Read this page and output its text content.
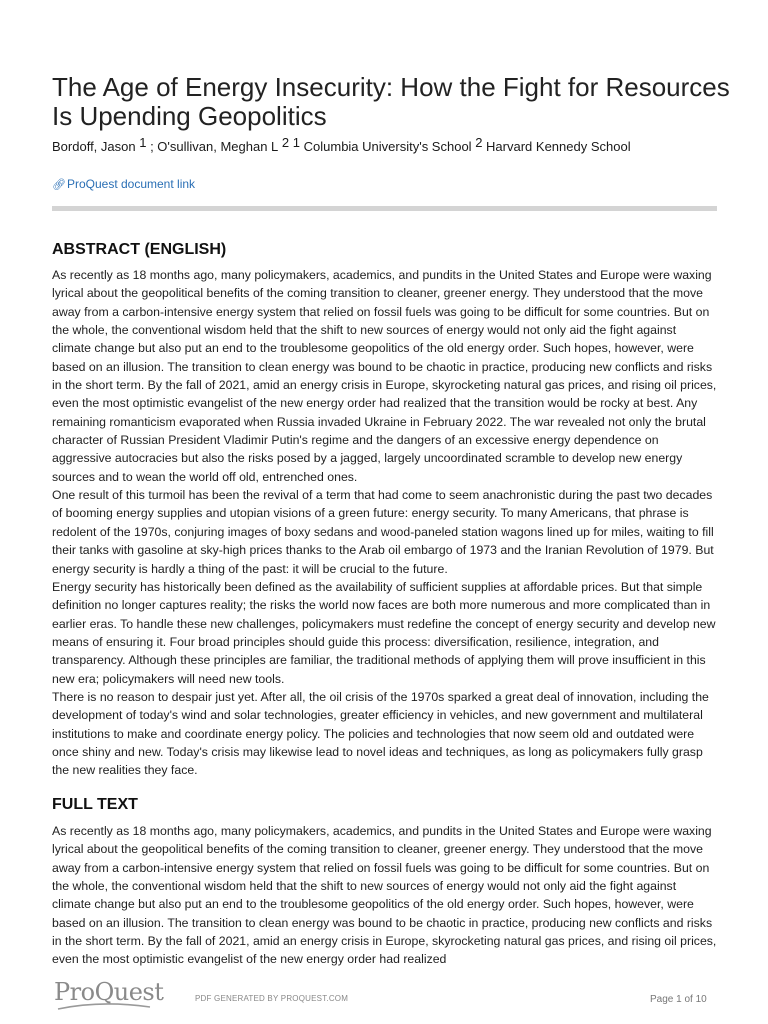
The Age of Energy Insecurity: How the Fight for Resources Is Upending Geopolitics
Bordoff, Jason $^1$ ; O'sullivan, Meghan L $^{2 1}$ Columbia University's School $^2$ Harvard Kennedy School
🔗︎ProQuest document link
ABSTRACT (ENGLISH)

As recently as 18 months ago, many policymakers, academics, and pundits in the United States and Europe were waxing lyrical about the geopolitical benefits of the coming transition to cleaner, greener energy. They understood that the move away from a carbon-intensive energy system that relied on fossil fuels was going to be difficult for some countries. But on the whole, the conventional wisdom held that the shift to new sources of energy would not only aid the fight against climate change but also put an end to the troublesome geopolitics of the old energy order. Such hopes, however, were based on an illusion. The transition to clean energy was bound to be chaotic in practice, producing new conflicts and risks in the short term. By the fall of 2021, amid an energy crisis in Europe, skyrocketing natural gas prices, and rising oil prices, even the most optimistic evangelist of the new energy order had realized that the transition would be rocky at best. Any remaining romanticism evaporated when Russia invaded Ukraine in February 2022. The war revealed not only the brutal character of Russian President Vladimir Putin's regime and the dangers of an excessive energy dependence on aggressive autocracies but also the risks posed by a jagged, largely uncoordinated scramble to develop new energy sources and to wean the world off old, entrenched ones.

One result of this turmoil has been the revival of a term that had come to seem anachronistic during the past two decades of booming energy supplies and utopian visions of a green future: energy security. To many Americans, that phrase is redolent of the 1970s, conjuring images of boxy sedans and wood-paneled station wagons lined up for miles, waiting to fill their tanks with gasoline at sky-high prices thanks to the Arab oil embargo of 1973 and the Iranian Revolution of 1979. But energy security is hardly a thing of the past: it will be crucial to the future.

Energy security has historically been defined as the availability of sufficient supplies at affordable prices. But that simple definition no longer captures reality; the risks the world now faces are both more numerous and more complicated than in earlier eras. To handle these new challenges, policymakers must redefine the concept of energy security and develop new means of ensuring it. Four broad principles should guide this process: diversification, resilience, integration, and transparency. Although these principles are familiar, the traditional methods of applying them will prove insufficient in this new era; policymakers will need new tools.

There is no reason to despair just yet. After all, the oil crisis of the 1970s sparked a great deal of innovation, including the development of today's wind and solar technologies, greater efficiency in vehicles, and new government and multilateral institutions to make and coordinate energy policy. The policies and technologies that now seem old and outdated were once shiny and new. Today's crisis may likewise lead to novel ideas and techniques, as long as policymakers fully grasp the new realities they face.

FULL TEXT

As recently as 18 months ago, many policymakers, academics, and pundits in the United States and Europe were waxing lyrical about the geopolitical benefits of the coming transition to cleaner, greener energy. They understood that the move away from a carbon-intensive energy system that relied on fossil fuels was going to be difficult for some countries. But on the whole, the conventional wisdom held that the shift to new sources of energy would not only aid the fight against climate change but also put an end to the troublesome geopolitics of the old energy order. Such hopes, however, were based on an illusion. The transition to clean energy was bound to be chaotic in practice, producing new conflicts and risks in the short term. By the fall of 2021, amid an energy crisis in Europe, skyrocketing natural gas prices, and rising oil prices, even the most optimistic evangelist of the new energy order had realized

ProQuest	PDF GENERATED BY PROQUEST.COM	Page 1 of 10
